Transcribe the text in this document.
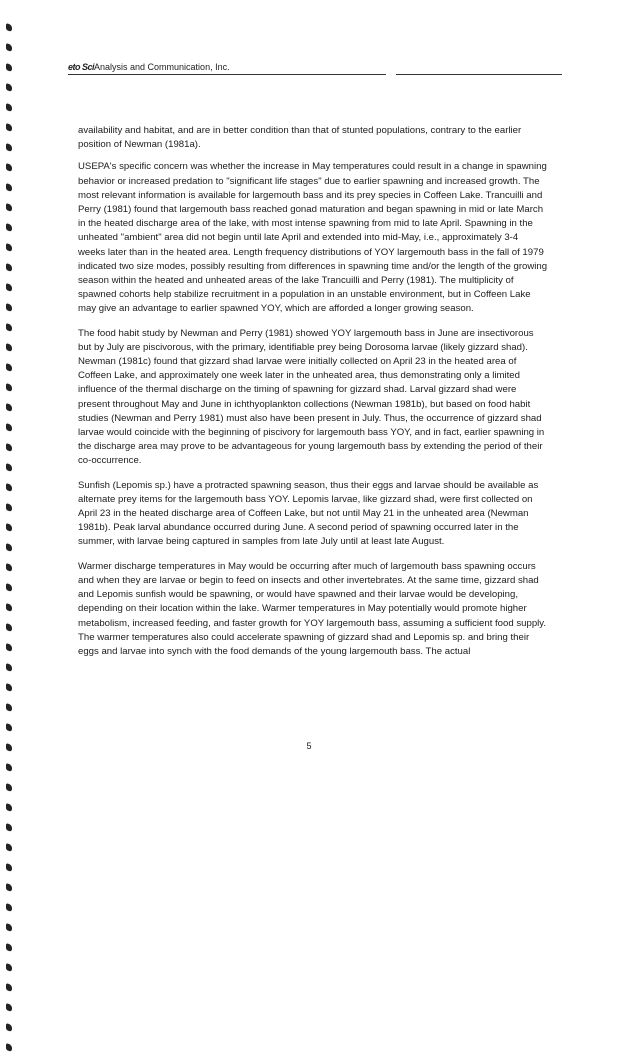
eto SciAnalysis and Communication, Inc.

availability and habitat, and are in better condition than that of stunted populations, contrary to the earlier position of Newman (1981a).

USEPA's specific concern was whether the increase in May temperatures could result in a change in spawning behavior or increased predation to "significant life stages" due to earlier spawning and increased growth. The most relevant information is available for largemouth bass and its prey species in Coffeen Lake. Trancuilli and Perry (1981) found that largemouth bass reached gonad maturation and began spawning in mid or late March in the heated discharge area of the lake, with most intense spawning from mid to late April. Spawning in the unheated "ambient" area did not begin until late April and extended into mid-May, i.e., approximately 3-4 weeks later than in the heated area. Length frequency distributions of YOY largemouth bass in the fall of 1979 indicated two size modes, possibly resulting from differences in spawning time and/or the length of the growing season within the heated and unheated areas of the lake Trancuilli and Perry (1981). The multiplicity of spawned cohorts help stabilize recruitment in a population in an unstable environment, but in Coffeen Lake may give an advantage to earlier spawned YOY, which are afforded a longer growing season.

The food habit study by Newman and Perry (1981) showed YOY largemouth bass in June are insectivorous but by July are piscivorous, with the primary, identifiable prey being Dorosoma larvae (likely gizzard shad). Newman (1981c) found that gizzard shad larvae were initially collected on April 23 in the heated area of Coffeen Lake, and approximately one week later in the unheated area, thus demonstrating only a limited influence of the thermal discharge on the timing of spawning for gizzard shad. Larval gizzard shad were present throughout May and June in ichthyoplankton collections (Newman 1981b), but based on food habit studies (Newman and Perry 1981) must also have been present in July. Thus, the occurrence of gizzard shad larvae would coincide with the beginning of piscivory for largemouth bass YOY, and in fact, earlier spawning in the discharge area may prove to be advantageous for young largemouth bass by extending the period of their co-occurrence.

Sunfish (Lepomis sp.) have a protracted spawning season, thus their eggs and larvae should be available as alternate prey items for the largemouth bass YOY. Lepomis larvae, like gizzard shad, were first collected on April 23 in the heated discharge area of Coffeen Lake, but not until May 21 in the unheated area (Newman 1981b). Peak larval abundance occurred during June. A second period of spawning occurred later in the summer, with larvae being captured in samples from late July until at least late August.

Warmer discharge temperatures in May would be occurring after much of largemouth bass spawning occurs and when they are larvae or begin to feed on insects and other invertebrates. At the same time, gizzard shad and Lepomis sunfish would be spawning, or would have spawned and their larvae would be developing, depending on their location within the lake. Warmer temperatures in May potentially would promote higher metabolism, increased feeding, and faster growth for YOY largemouth bass, assuming a sufficient food supply. The warmer temperatures also could accelerate spawning of gizzard shad and Lepomis sp. and bring their eggs and larvae into synch with the food demands of the young largemouth bass. The actual

5
